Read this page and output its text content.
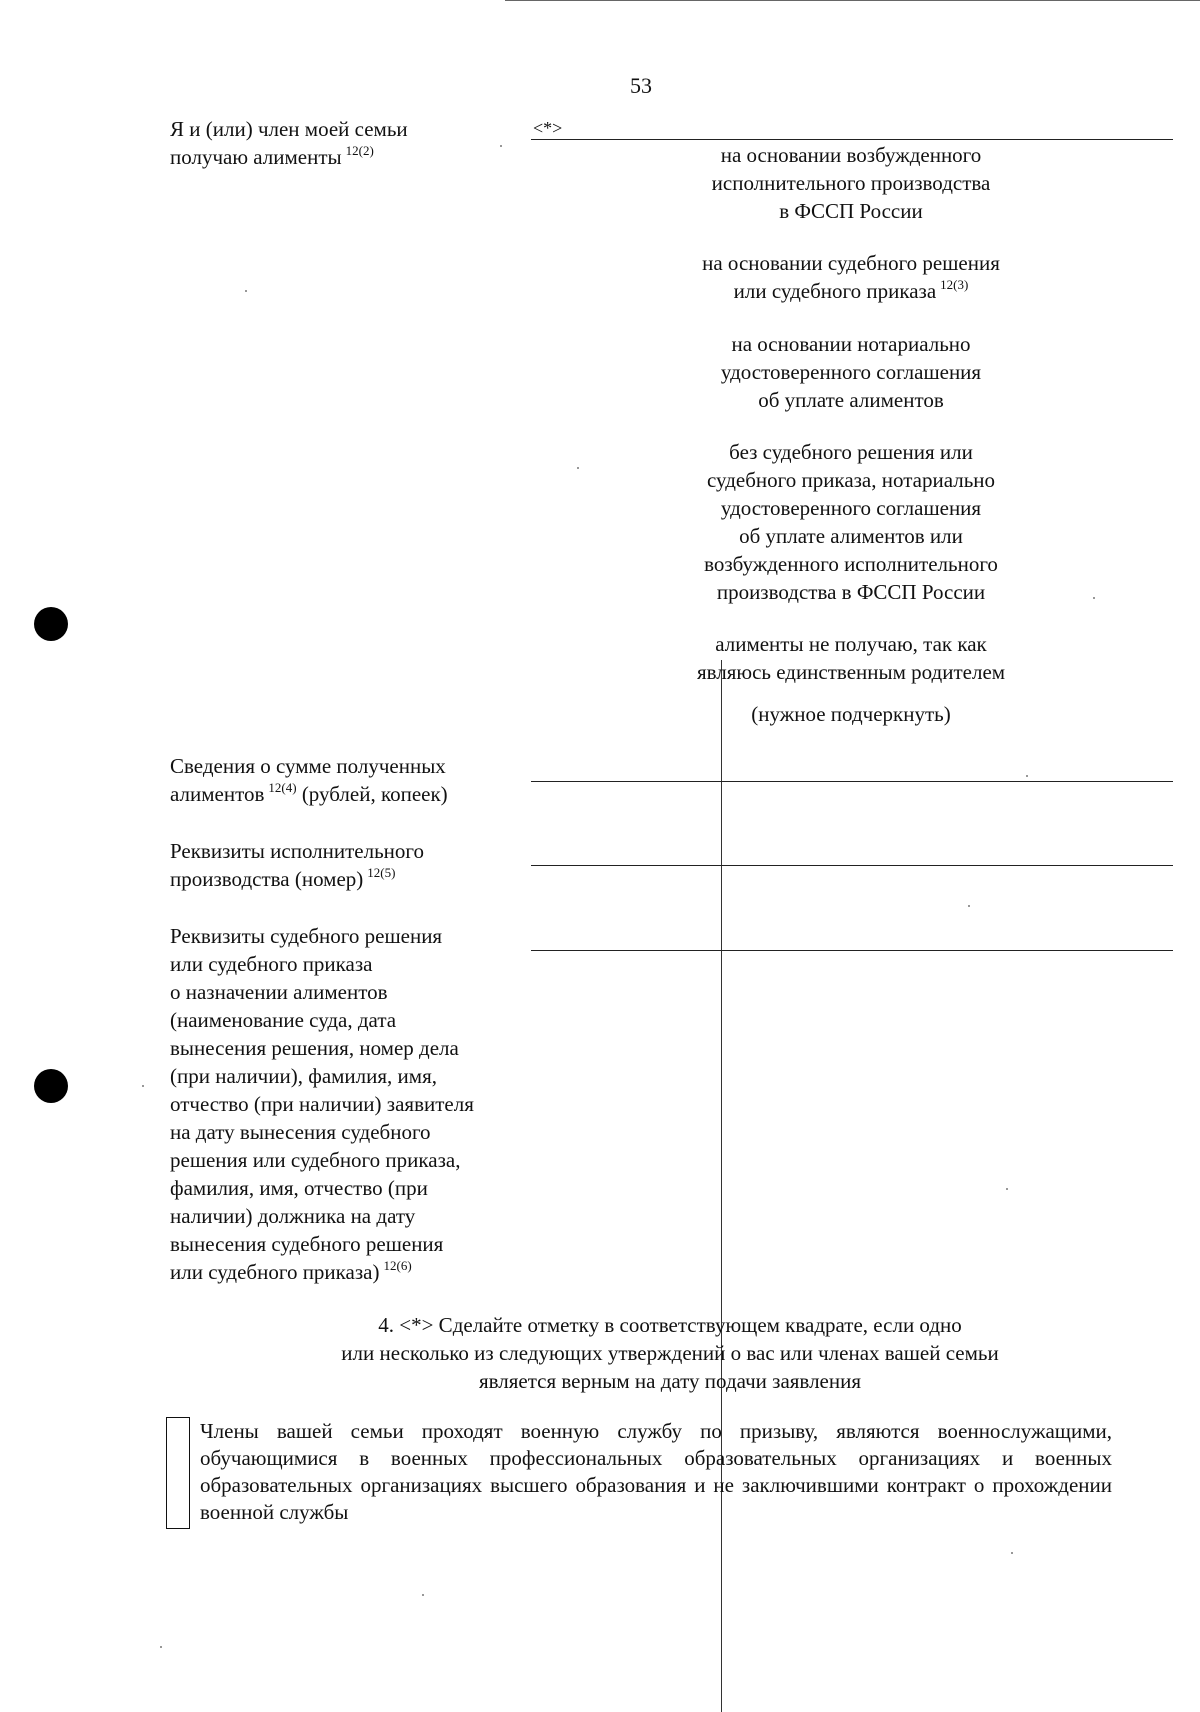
53
Я и (или) член моей семьи
получаю алименты $^{12(2)}$
<*>
на основании возбужденного
исполнительного производства
в ФССП России
на основании судебного решения
или судебного приказа $^{12(3)}$
на основании нотариально
удостоверенного соглашения
об уплате алиментов
без судебного решения или
судебного приказа, нотариально
удостоверенного соглашения
об уплате алиментов или
возбужденного исполнительного
производства в ФССП России
алименты не получаю, так как
являюсь единственным родителем
(нужное подчеркнуть)
Сведения о сумме полученных
алиментов $^{12(4)}$ (рублей, копеек)
Реквизиты исполнительного
производства (номер) $^{12(5)}$
Реквизиты судебного решения
или судебного приказа
о назначении алиментов
(наименование суда, дата
вынесения решения, номер дела
(при наличии), фамилия, имя,
отчество (при наличии) заявителя
на дату вынесения судебного
решения или судебного приказа,
фамилия, имя, отчество (при
наличии) должника на дату
вынесения судебного решения
или судебного приказа) $^{12(6)}$
4. <*> Сделайте отметку в соответствующем квадрате, если одно
или несколько из следующих утверждений о вас или членах вашей семьи
является верным на дату подачи заявления
Члены вашей семьи проходят военную службу по призыву, являются военнослужащими, обучающимися в военных профессиональных образовательных организациях и военных образовательных организациях высшего образования и не заключившими контракт о прохождении военной службы
